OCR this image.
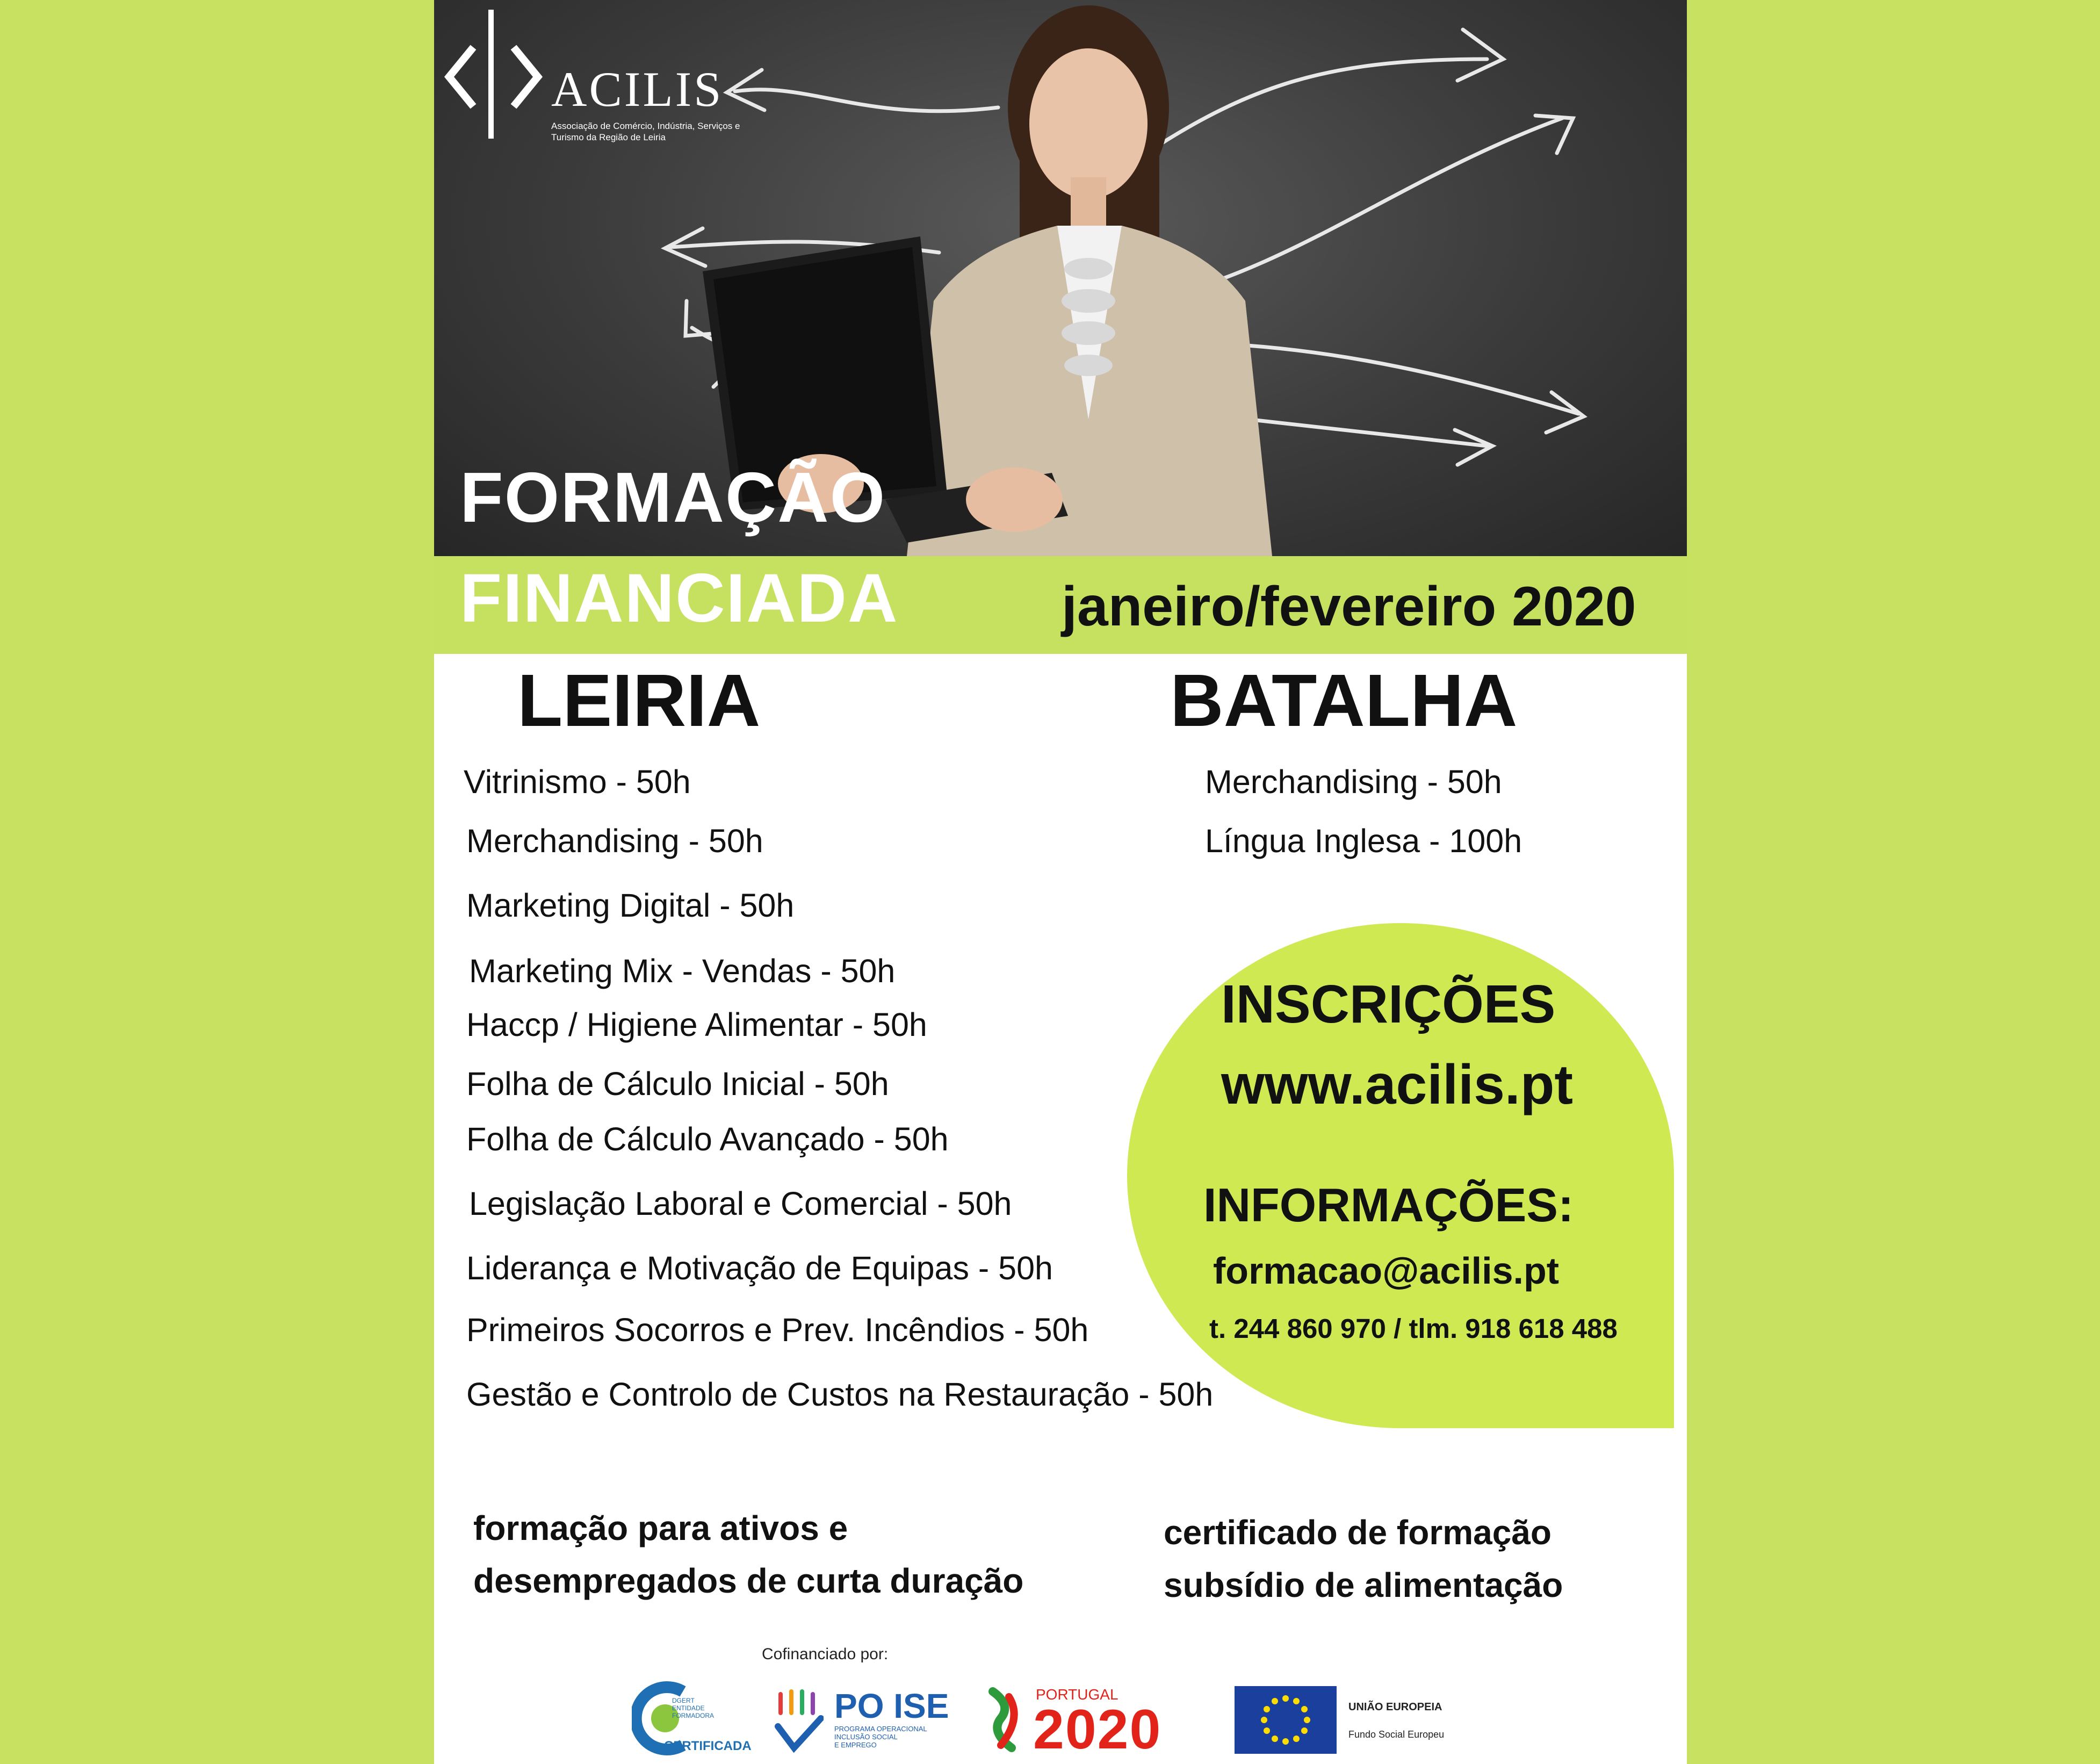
ACILIS
Associação de Comércio, Indústria, Serviços e Turismo da Região de Leiria
FORMAÇÃO
FINANCIADA	janeiro/fevereiro 2020
LEIRIA	BATALHA
Vitrinismo - 50h
Merchandising - 50h
Marketing Digital - 50h
Marketing Mix - Vendas - 50h
Haccp / Higiene Alimentar - 50h
Folha de Cálculo Inicial - 50h
Folha de Cálculo Avançado - 50h
Legislação Laboral e Comercial - 50h
Liderança e Motivação de Equipas - 50h
Primeiros Socorros e Prev. Incêndios - 50h
Merchandising - 50h
Língua Inglesa - 100h
INSCRIÇÕES
www.acilis.pt
INFORMAÇÕES:
formacao@acilis.pt
t. 244 860 970 / tlm. 918 618 488
Gestão e Controlo de Custos na Restauração - 50h
formação para ativos e
desempregados de curta duração
certificado de formação
subsídio de alimentação
Cofinanciado por:
DGERT
ENTIDADE FORMADORA
CERTIFICADA
PO ISE
PROGRAMA OPERACIONAL
INCLUSÃO SOCIAL
E EMPREGO
PORTUGAL
2020	UNIÃO EUROPEIA
Fundo Social Europeu
